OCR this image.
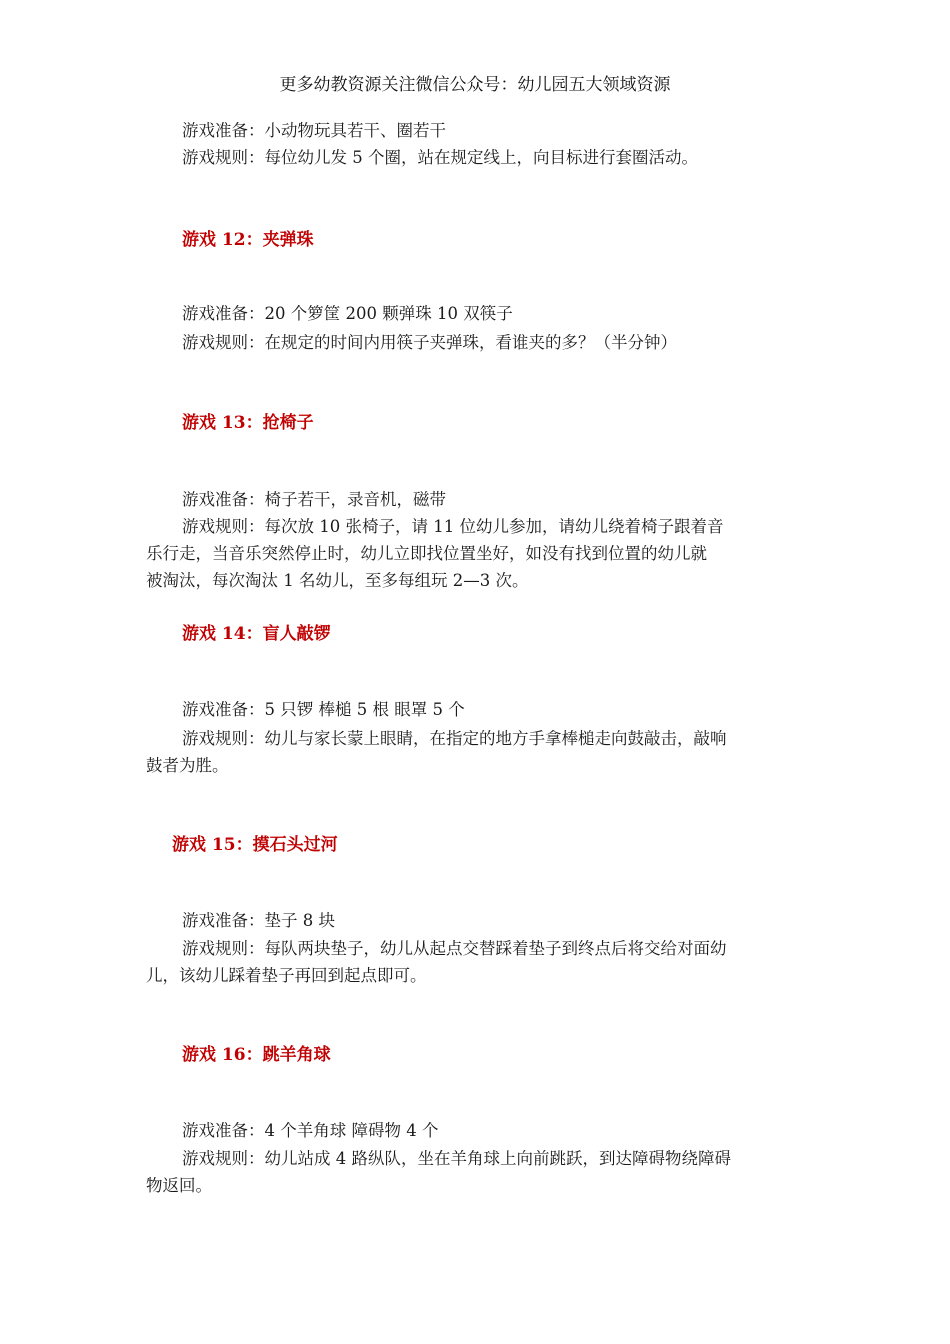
更多幼教资源关注微信公众号：幼儿园五大领域资源
游戏准备：小动物玩具若干、圈若干
游戏规则：每位幼儿发 5 个圈，站在规定线上，向目标进行套圈活动。
游戏 12：夹弹珠
游戏准备：20 个箩筐 200 颗弹珠 10 双筷子
游戏规则：在规定的时间内用筷子夹弹珠，看谁夹的多？（半分钟）
游戏 13：抢椅子
游戏准备：椅子若干，录音机，磁带
游戏规则：每次放 10 张椅子，请 11 位幼儿参加，请幼儿绕着椅子跟着音
乐行走，当音乐突然停止时，幼儿立即找位置坐好，如没有找到位置的幼儿就
被淘汰，每次淘汰 1 名幼儿，至多每组玩 2—3 次。
游戏 14：盲人敲锣
游戏准备：5 只锣 棒槌 5 根 眼罩 5 个
游戏规则：幼儿与家长蒙上眼睛，在指定的地方手拿棒槌走向鼓敲击，敲响
鼓者为胜。
游戏 15：摸石头过河
游戏准备：垫子 8 块
游戏规则：每队两块垫子，幼儿从起点交替踩着垫子到终点后将交给对面幼
儿，该幼儿踩着垫子再回到起点即可。
游戏 16：跳羊角球
游戏准备：4 个羊角球 障碍物 4 个
游戏规则：幼儿站成 4 路纵队，坐在羊角球上向前跳跃，到达障碍物绕障碍
物返回。
